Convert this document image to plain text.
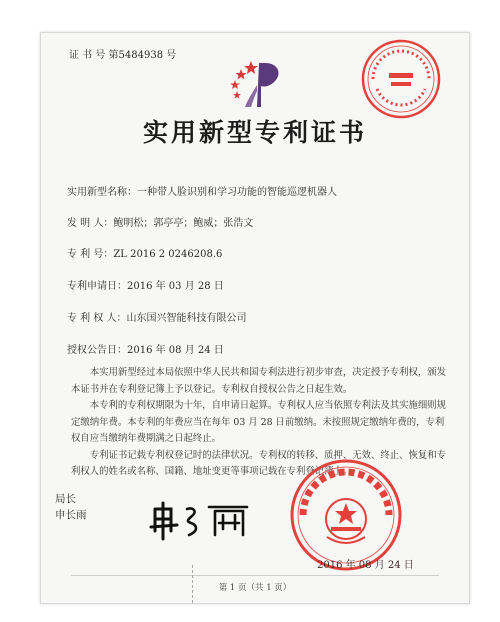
证 书 号 第5484938 号
实用新型专利证书
实用新型名称：一种带人脸识别和学习功能的智能巡逻机器人
发 明 人：鲍明松；郭亭亭；鲍威；张浩文
专 利 号：ZL 2016 2 0246208.6
专利申请日：2016 年 03 月 28 日
专 利 权 人：山东国兴智能科技有限公司
授权公告日：2016 年 08 月 24 日

本实用新型经过本局依照中华人民共和国专利法进行初步审查，决定授予专利权，颁发本证书并在专利登记簿上予以登记。专利权自授权公告之日起生效。

本专利的专利权期限为十年，自申请日起算。专利权人应当依照专利法及其实施细则规定缴纳年费。本专利的年费应当在每年 03 月 28 日前缴纳。未按照规定缴纳年费的，专利权自应当缴纳年费期满之日起终止。

专利证书记载专利权登记时的法律状况。专利权的转移、质押、无效、终止、恢复和专利权人的姓名或名称、国籍、地址变更等事项记载在专利登记簿上。

局长
申长雨
2016 年 08 月 24 日
第 1 页（共 1 页）
